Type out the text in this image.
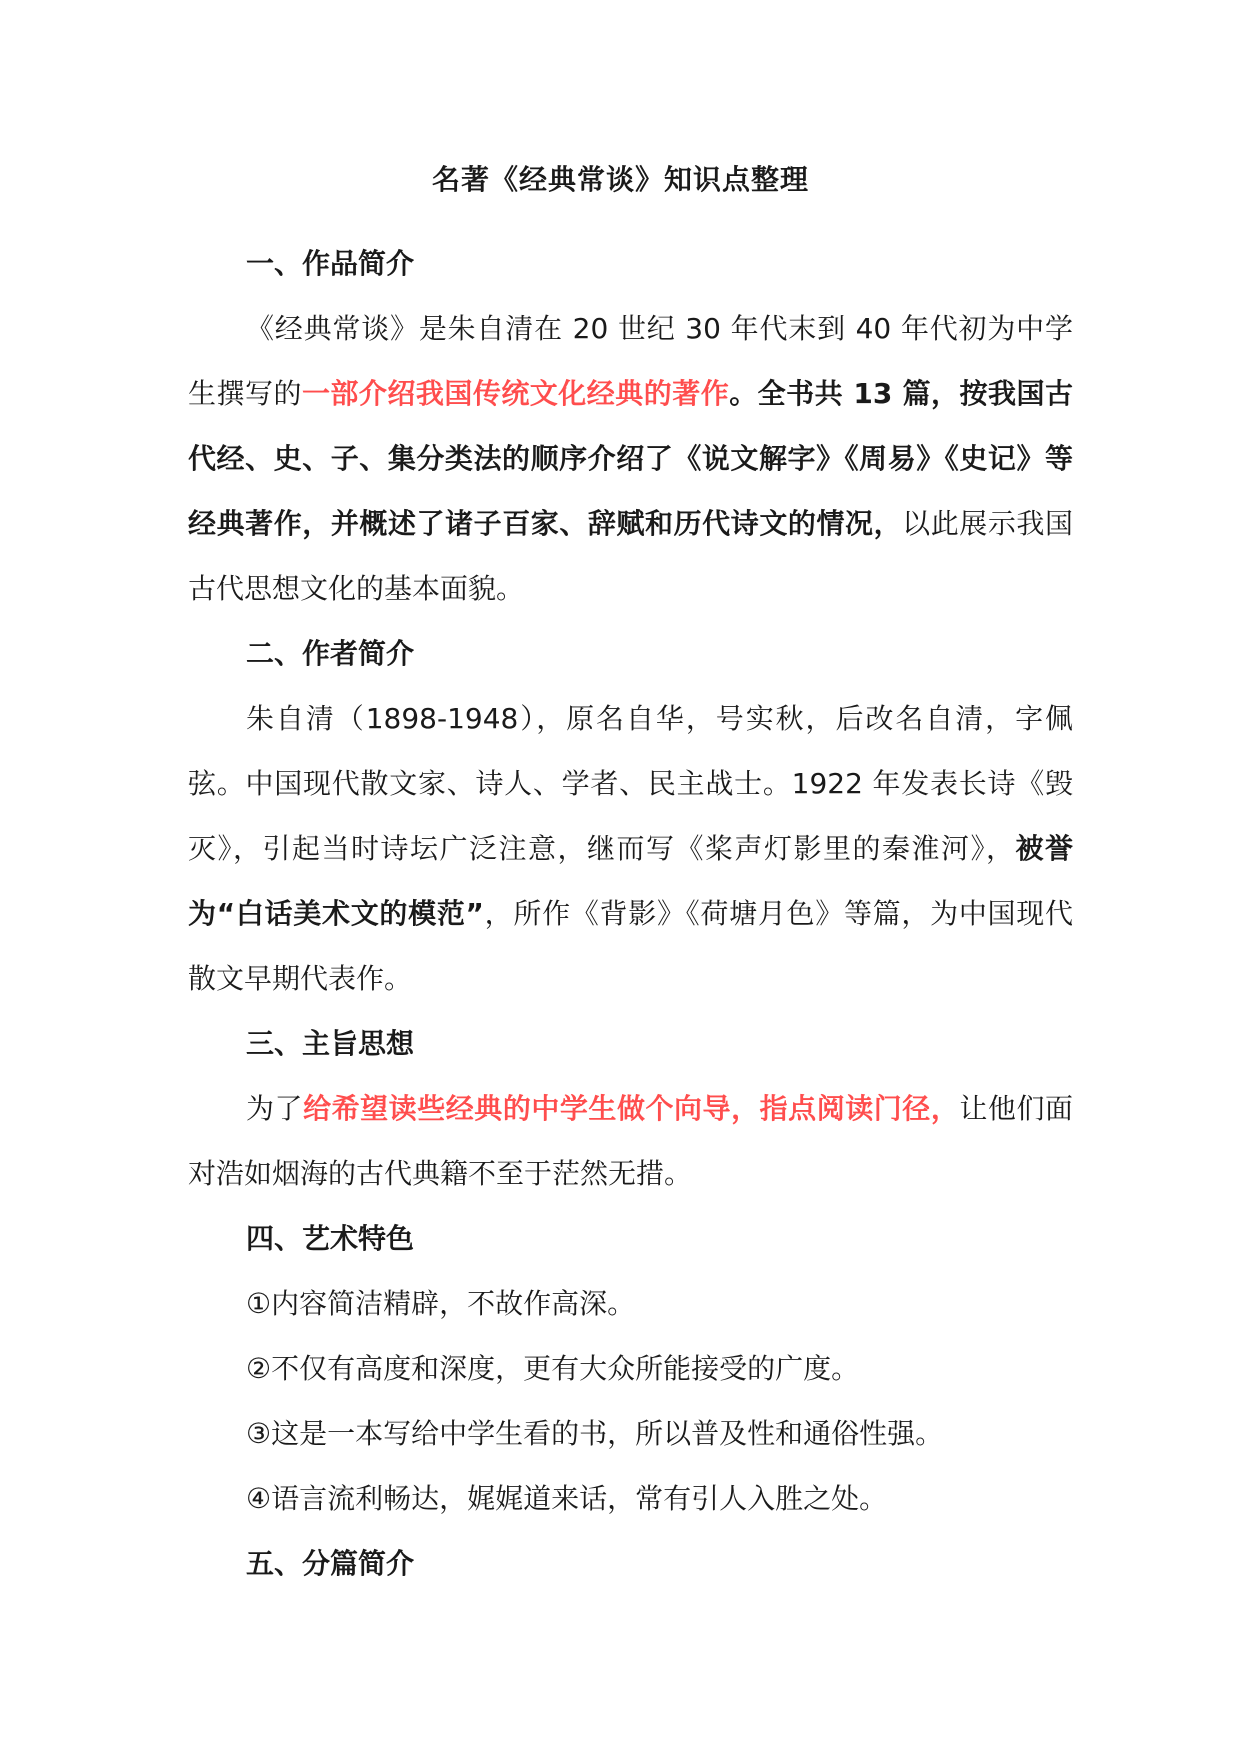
名著《经典常谈》知识点整理

一、作品简介

《经典常谈》是朱自清在 20 世纪 30 年代末到 40 年代初为中学生撰写的一部介绍我国传统文化经典的著作。全书共 13 篇，按我国古代经、史、子、集分类法的顺序介绍了《说文解字》《周易》《史记》等经典著作，并概述了诸子百家、辞赋和历代诗文的情况，以此展示我国古代思想文化的基本面貌。

二、作者简介

朱自清（1898-1948），原名自华，号实秋，后改名自清，字佩弦。中国现代散文家、诗人、学者、民主战士。1922 年发表长诗《毁灭》，引起当时诗坛广泛注意，继而写《桨声灯影里的秦淮河》，被誉为“白话美术文的模范”，所作《背影》《荷塘月色》等篇，为中国现代散文早期代表作。

三、主旨思想

为了给希望读些经典的中学生做个向导，指点阅读门径，让他们面对浩如烟海的古代典籍不至于茫然无措。

四、艺术特色

①内容简洁精辟，不故作高深。

②不仅有高度和深度，更有大众所能接受的广度。

③这是一本写给中学生看的书，所以普及性和通俗性强。

④语言流利畅达，娓娓道来话，常有引人入胜之处。

五、分篇简介
